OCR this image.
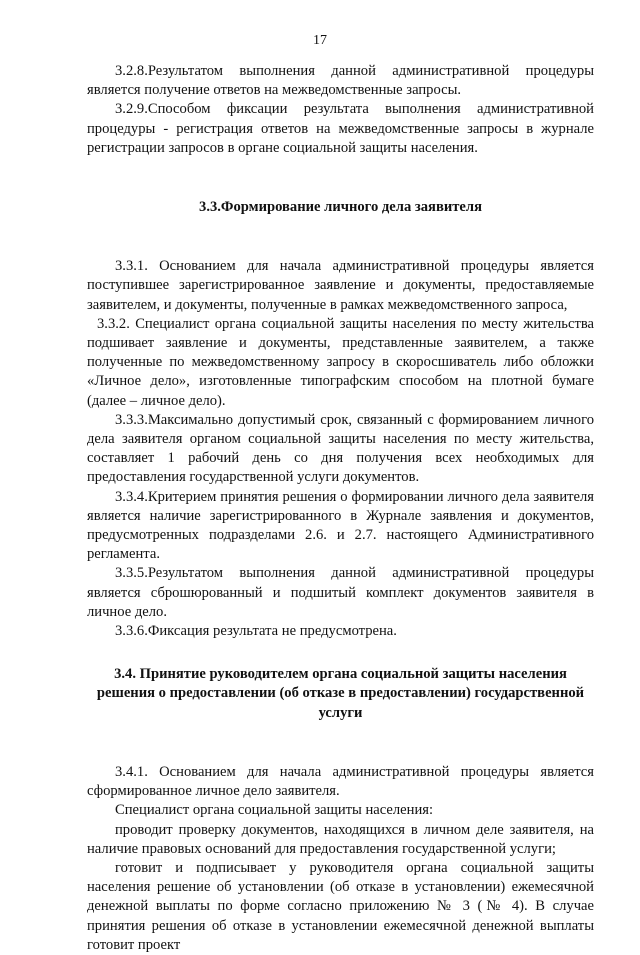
17

3.2.8.Результатом выполнения данной административной процедуры является получение ответов на межведомственные запросы.

3.2.9.Способом фиксации результата выполнения административной процедуры - регистрация ответов на межведомственные запросы в журнале регистрации запросов в органе социальной защиты населения.

3.3.Формирование личного дела заявителя

3.3.1. Основанием для начала административной процедуры является поступившее зарегистрированное заявление и документы, предоставляемые заявителем, и документы, полученные в рамках межведомственного запроса,

3.3.2. Специалист органа социальной защиты населения по месту жительства подшивает заявление и документы, представленные заявителем, а также полученные по межведомственному запросу в скоросшиватель либо обложки «Личное дело», изготовленные типографским способом на плотной бумаге (далее – личное дело).

3.3.3.Максимально допустимый срок, связанный с формированием личного дела заявителя органом социальной защиты населения по месту жительства, составляет 1 рабочий день со дня получения всех необходимых для предоставления государственной услуги документов.

3.3.4.Критерием принятия решения о формировании личного дела заявителя является наличие зарегистрированного в Журнале заявления и документов, предусмотренных подразделами 2.6. и 2.7. настоящего Административного регламента.

3.3.5.Результатом выполнения данной административной процедуры является сброшюрованный и подшитый комплект документов заявителя в личное дело.

3.3.6.Фиксация результата не предусмотрена.

3.4. Принятие руководителем органа социальной защиты населения решения о предоставлении (об отказе в предоставлении) государственной услуги

3.4.1. Основанием для начала административной процедуры является сформированное личное дело заявителя.

Специалист органа социальной защиты населения:

проводит проверку документов, находящихся в личном деле заявителя, на наличие правовых оснований для предоставления государственной услуги;

готовит и подписывает у руководителя органа социальной защиты населения решение об установлении (об отказе в установлении) ежемесячной денежной выплаты по форме согласно приложению № 3 (№ 4). В случае принятия решения об отказе в установлении ежемесячной денежной выплаты готовит проект
